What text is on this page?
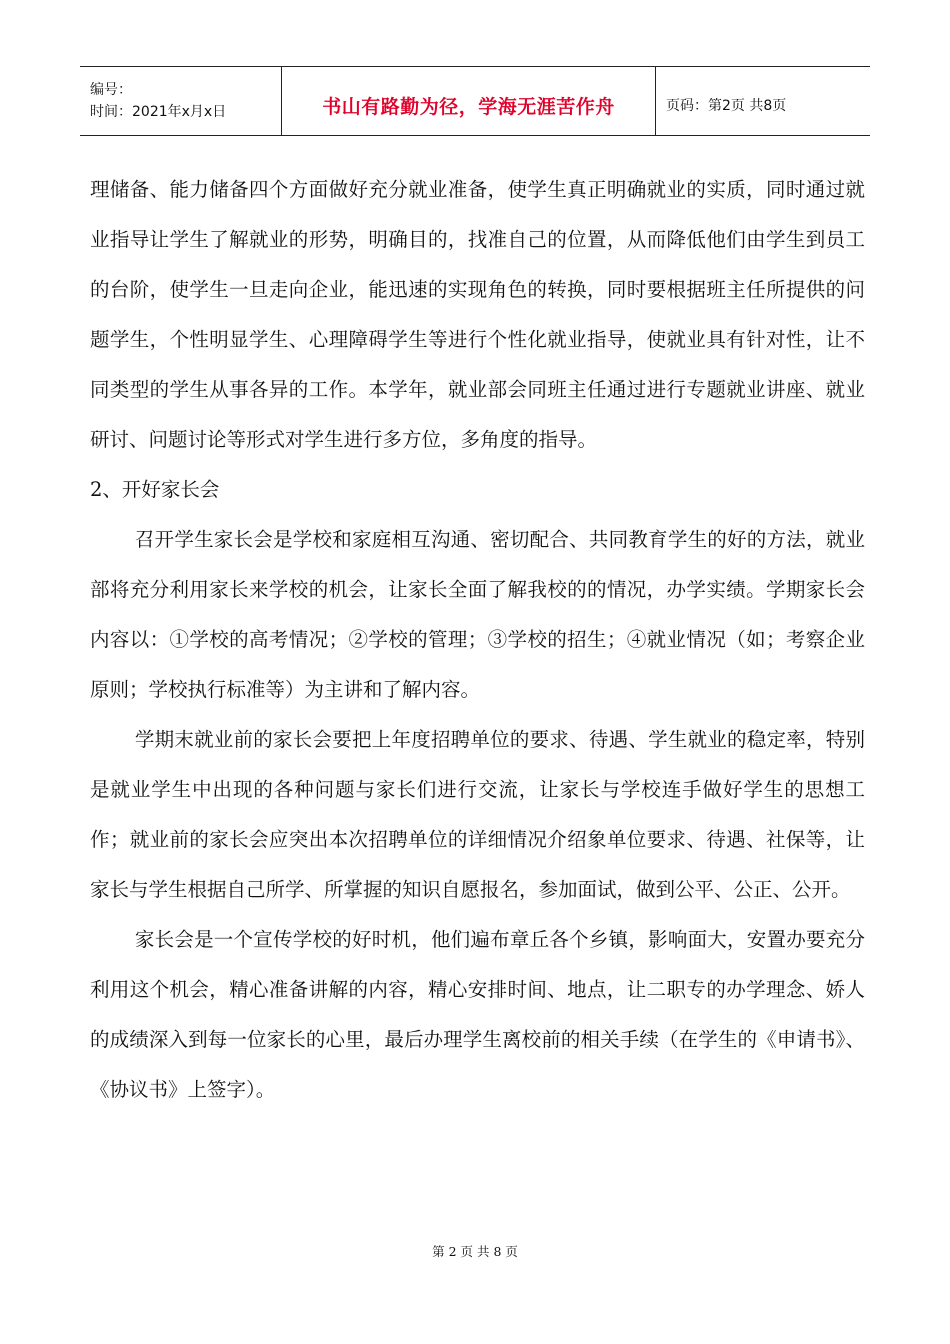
编号：
时间：2021年x月x日	书山有路勤为径，学海无涯苦作舟	页码：第2页 共8页

理储备、能力储备四个方面做好充分就业准备，使学生真正明确就业的实质，同时通过就业指导让学生了解就业的形势，明确目的，找准自己的位置，从而降低他们由学生到员工的台阶，使学生一旦走向企业，能迅速的实现角色的转换，同时要根据班主任所提供的问题学生，个性明显学生、心理障碍学生等进行个性化就业指导，使就业具有针对性，让不同类型的学生从事各异的工作。本学年，就业部会同班主任通过进行专题就业讲座、就业研讨、问题讨论等形式对学生进行多方位，多角度的指导。

2、开好家长会

召开学生家长会是学校和家庭相互沟通、密切配合、共同教育学生的好的方法，就业部将充分利用家长来学校的机会，让家长全面了解我校的的情况，办学实绩。学期家长会内容以：①学校的高考情况；②学校的管理；③学校的招生；④就业情况（如；考察企业原则；学校执行标准等）为主讲和了解内容。

学期末就业前的家长会要把上年度招聘单位的要求、待遇、学生就业的稳定率，特别是就业学生中出现的各种问题与家长们进行交流，让家长与学校连手做好学生的思想工作；就业前的家长会应突出本次招聘单位的详细情况介绍象单位要求、待遇、社保等，让家长与学生根据自己所学、所掌握的知识自愿报名，参加面试，做到公平、公正、公开。

家长会是一个宣传学校的好时机，他们遍布章丘各个乡镇，影响面大，安置办要充分利用这个机会，精心准备讲解的内容，精心安排时间、地点，让二职专的办学理念、娇人的成绩深入到每一位家长的心里，最后办理学生离校前的相关手续（在学生的《申请书》、《协议书》上签字）。

第 2 页 共 8 页
